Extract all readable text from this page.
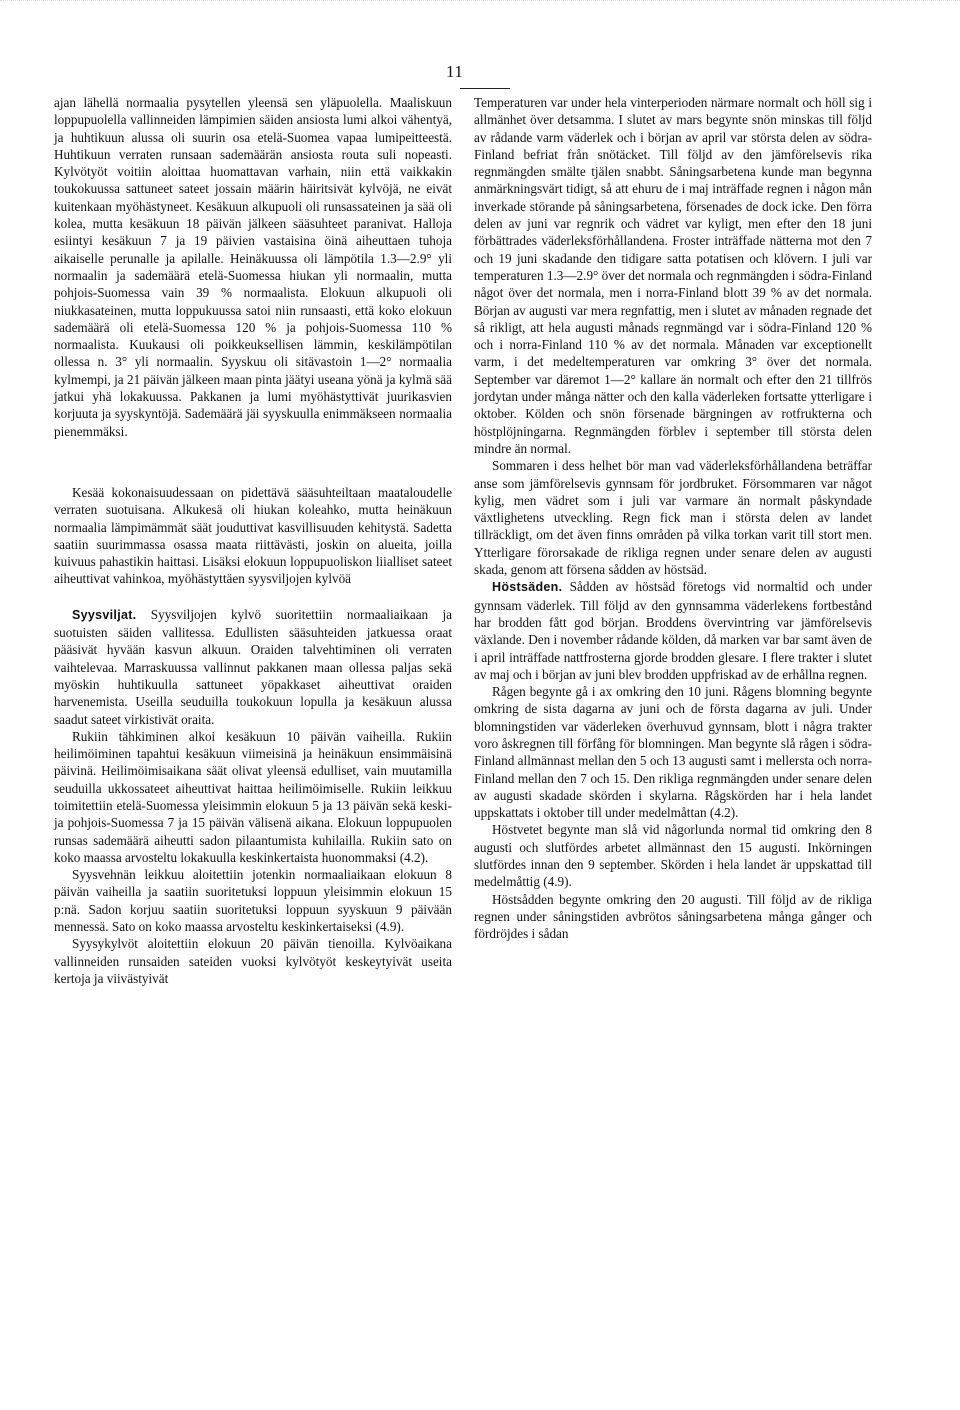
11

ajan lähellä normaalia pysytellen yleensä sen yläpuolella. Maaliskuun loppupuolella vallinneiden lämpimien säiden ansiosta lumi alkoi vähentyä, ja huhtikuun alussa oli suurin osa etelä-Suomea vapaa lumipeitteestä. Huhtikuun verraten runsaan sademäärän ansiosta routa suli nopeasti. Kylvötyöt voitiin aloittaa huomattavan varhain, niin että vaikkakin toukokuussa sattuneet sateet jossain määrin häiritsivät kylvöjä, ne eivät kuitenkaan myöhästyneet. Kesäkuun alkupuoli oli runsassateinen ja sää oli kolea, mutta kesäkuun 18 päivän jälkeen sääsuhteet paranivat. Halloja esiintyi kesäkuun 7 ja 19 päivien vastaisina öinä aiheuttaen tuhoja aikaiselle perunalle ja apilalle. Heinäkuussa oli lämpötila 1.3—2.9° yli normaalin ja sademäärä etelä-Suomessa hiukan yli normaalin, mutta pohjois-Suomessa vain 39 % normaalista. Elokuun alkupuoli oli niukkasateinen, mutta loppukuussa satoi niin runsaasti, että koko elokuun sademäärä oli etelä-Suomessa 120 % ja pohjois-Suomessa 110 % normaalista. Kuukausi oli poikkeuksellisen lämmin, keskilämpötilan ollessa n. 3° yli normaalin. Syyskuu oli sitävastoin 1—2° normaalia kylmempi, ja 21 päivän jälkeen maan pinta jäätyi useana yönä ja kylmä sää jatkui yhä lokakuussa. Pakkanen ja lumi myöhästyttivät juurikasvien korjuuta ja syyskyntöjä. Sademäärä jäi syyskuulla enimmäkseen normaalia pienemmäksi.

Kesää kokonaisuudessaan on pidettävä sääsuhteiltaan maataloudelle verraten suotuisana. Alkukesä oli hiukan koleahko, mutta heinäkuun normaalia lämpimämmät säät jouduttivat kasvillisuuden kehitystä. Sadetta saatiin suurimmassa osassa maata riittävästi, joskin on alueita, joilla kuivuus pahastikin haittasi. Lisäksi elokuun loppupuoliskon liialliset sateet aiheuttivat vahinkoa, myöhästyttäen syysviljojen kylvöä

Syysviljat. Syysviljojen kylvö suoritettiin normaaliaikaan ja suotuisten säiden vallitessa. Edullisten sääsuhteiden jatkuessa oraat pääsivät hyvään kasvun alkuun. Oraiden talvehtiminen oli verraten vaihtelevaa. Marraskuussa vallinnut pakkanen maan ollessa paljas sekä myöskin huhtikuulla sattuneet yöpakkaset aiheuttivat oraiden harvenemista. Useilla seuduilla toukokuun lopulla ja kesäkuun alussa saadut sateet virkistivät oraita.

Rukiin tähkiminen alkoi kesäkuun 10 päivän vaiheilla. Rukiin heilimöiminen tapahtui kesäkuun viimeisinä ja heinäkuun ensimmäisinä päivinä. Heilimöimisaikana säät olivat yleensä edulliset, vain muutamilla seuduilla ukkossateet aiheuttivat haittaa heilimöimiselle. Rukiin leikkuu toimitettiin etelä-Suomessa yleisimmin elokuun 5 ja 13 päivän sekä keski- ja pohjois-Suomessa 7 ja 15 päivän välisenä aikana. Elokuun loppupuolen runsas sademäärä aiheutti sadon pilaantumista kuhilailla. Rukiin sato on koko maassa arvosteltu lokakuulla keskinkertaista huonommaksi (4.2).

Syysvehnän leikkuu aloitettiin jotenkin normaaliaikaan elokuun 8 päivän vaiheilla ja saatiin suoritetuksi loppuun yleisimmin elokuun 15 p:nä. Sadon korjuu saatiin suoritetuksi loppuun syyskuun 9 päivään mennessä. Sato on koko maassa arvosteltu keskinkertaiseksi (4.9).

Syysykylvöt aloitettiin elokuun 20 päivän tienoilla. Kylvöaikana vallinneiden runsaiden sateiden vuoksi kylvötyöt keskeytyivät useita kertoja ja viivästyivät

Temperaturen var under hela vinterperioden närmare normalt och höll sig i allmänhet över detsamma. I slutet av mars begynte snön minskas till följd av rådande varm väderlek och i början av april var största delen av södra-Finland befriat från snötäcket. Till följd av den jämförelsevis rika regnmängden smälte tjälen snabbt. Såningsarbetena kunde man begynna anmärkningsvärt tidigt, så att ehuru de i maj inträffade regnen i någon mån inverkade störande på såningsarbetena, försenades de dock icke. Den förra delen av juni var regnrik och vädret var kyligt, men efter den 18 juni förbättrades väderleksförhållandena. Froster inträffade nätterna mot den 7 och 19 juni skadande den tidigare satta potatisen och klövern. I juli var temperaturen 1.3—2.9° över det normala och regnmängden i södra-Finland något över det normala, men i norra-Finland blott 39 % av det normala. Början av augusti var mera regnfattig, men i slutet av månaden regnade det så rikligt, att hela augusti månads regnmängd var i södra-Finland 120 % och i norra-Finland 110 % av det normala. Månaden var exceptionellt varm, i det medeltemperaturen var omkring 3° över det normala. September var däremot 1—2° kallare än normalt och efter den 21 tillfrös jordytan under många nätter och den kalla väderleken fortsatte ytterligare i oktober. Kölden och snön försenade bärgningen av rotfrukterna och höstplöjningarna. Regnmängden förblev i september till största delen mindre än normal.

Sommaren i dess helhet bör man vad väderleksförhållandena beträffar anse som jämförelsevis gynnsam för jordbruket. Försommaren var något kylig, men vädret som i juli var varmare än normalt påskyndade växtlighetens utveckling. Regn fick man i största delen av landet tillräckligt, om det även finns områden på vilka torkan varit till stort men. Ytterligare förorsakade de rikliga regnen under senare delen av augusti skada, genom att försena sådden av höstsäd.

Höstsäden. Sådden av höstsäd företogs vid normaltid och under gynnsam väderlek. Till följd av den gynnsamma väderlekens fortbestånd har brodden fått god början. Broddens övervintring var jämförelsevis växlande. Den i november rådande kölden, då marken var bar samt även de i april inträffade nattfrosterna gjorde brodden glesare. I flere trakter i slutet av maj och i början av juni blev brodden uppfriskad av de erhållna regnen.

Rågen begynte gå i ax omkring den 10 juni. Rågens blomning begynte omkring de sista dagarna av juni och de första dagarna av juli. Under blomningstiden var väderleken överhuvud gynnsam, blott i några trakter voro åskregnen till förfång för blomningen. Man begynte slå rågen i södra-Finland allmännast mellan den 5 och 13 augusti samt i mellersta och norra-Finland mellan den 7 och 15. Den rikliga regnmängden under senare delen av augusti skadade skörden i skylarna. Rågskörden har i hela landet uppskattats i oktober till under medelmåttan (4.2).

Höstvetet begynte man slå vid någorlunda normal tid omkring den 8 augusti och slutfördes arbetet allmännast den 15 augusti. Inkörningen slutfördes innan den 9 september. Skörden i hela landet är uppskattad till medelmåttig (4.9).

Höstsådden begynte omkring den 20 augusti. Till följd av de rikliga regnen under såningstiden avbrötos såningsarbetena många gånger och fördröjdes i sådan
